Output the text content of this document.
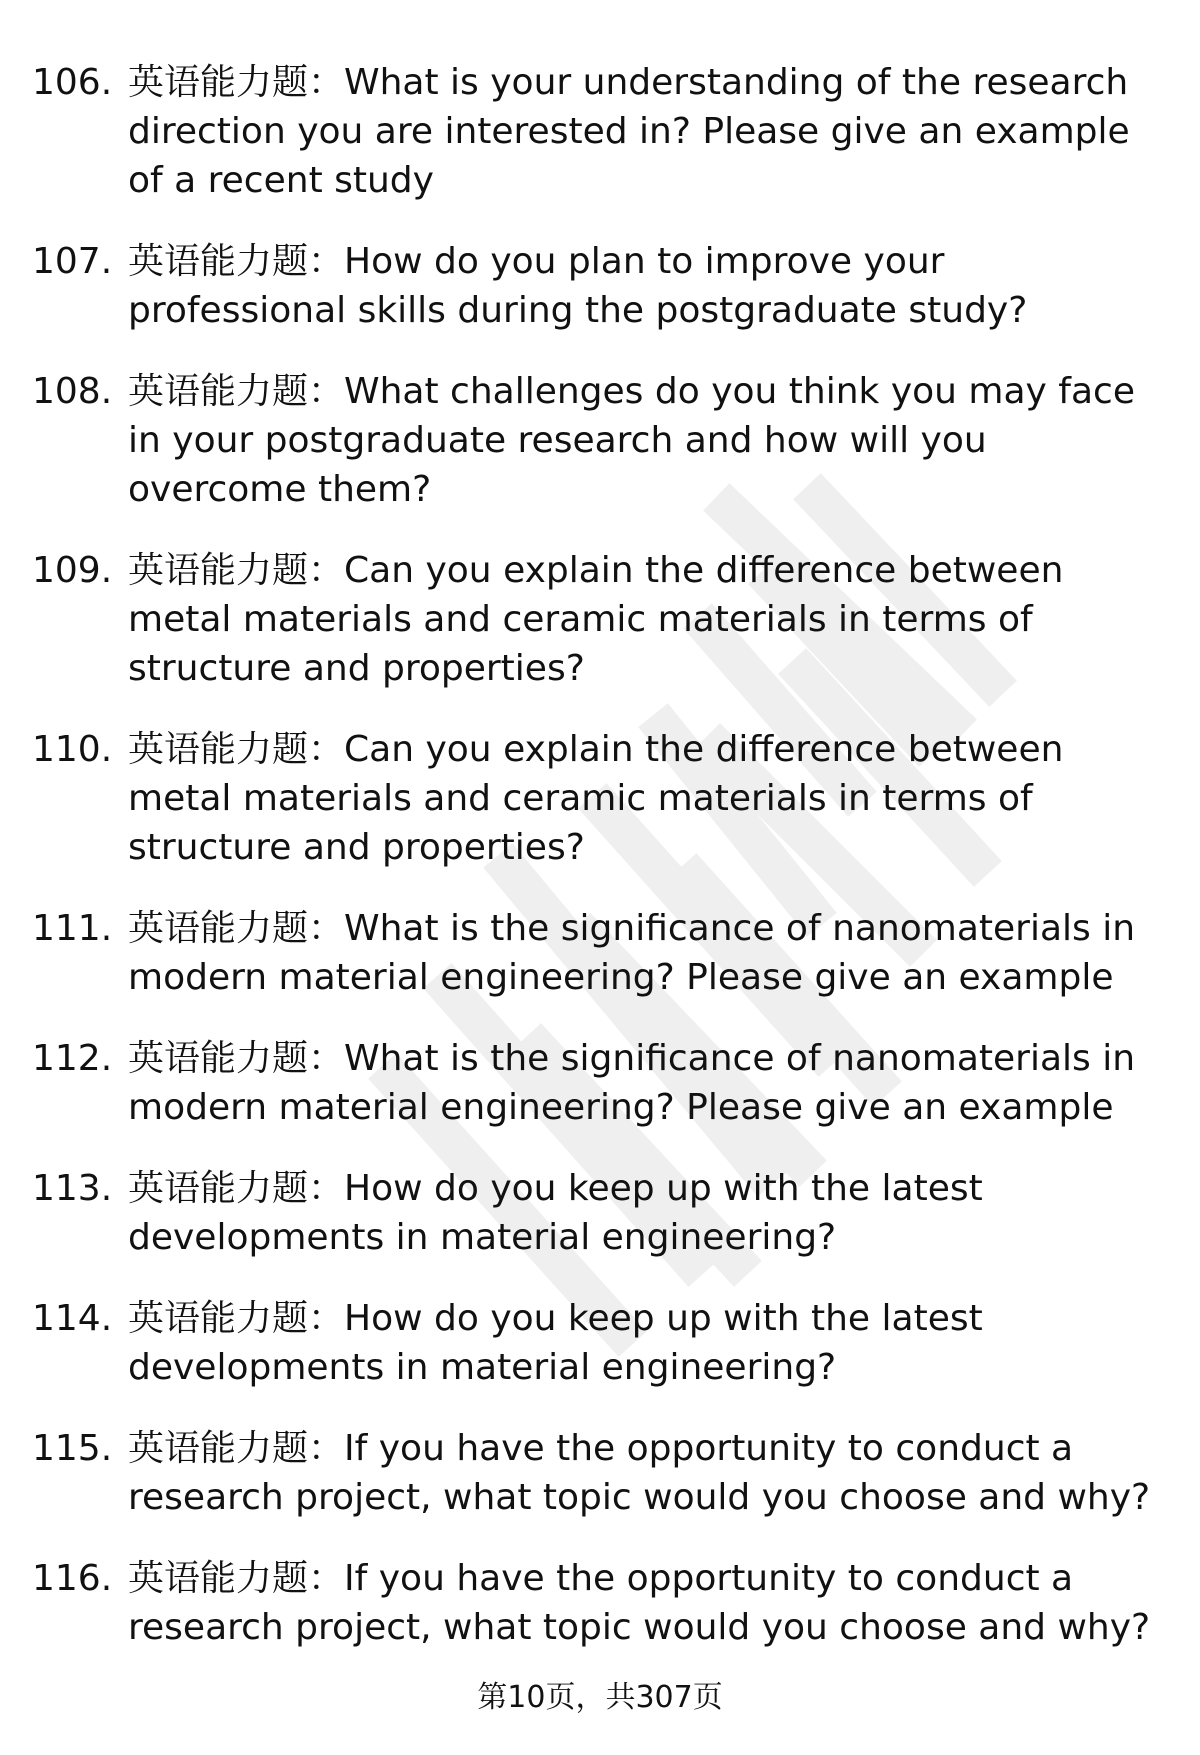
106. 英语能力题：What is your understanding of the research direction you are interested in? Please give an example of a recent study
107. 英语能力题：How do you plan to improve your professional skills during the postgraduate study?
108. 英语能力题：What challenges do you think you may face in your postgraduate research and how will you overcome them?
109. 英语能力题：Can you explain the difference between metal materials and ceramic materials in terms of structure and properties?
110. 英语能力题：Can you explain the difference between metal materials and ceramic materials in terms of structure and properties?
111. 英语能力题：What is the significance of nanomaterials in modern material engineering? Please give an example
112. 英语能力题：What is the significance of nanomaterials in modern material engineering? Please give an example
113. 英语能力题：How do you keep up with the latest developments in material engineering?
114. 英语能力题：How do you keep up with the latest developments in material engineering?
115. 英语能力题：If you have the opportunity to conduct a research project, what topic would you choose and why?
116. 英语能力题：If you have the opportunity to conduct a research project, what topic would you choose and why?
第10页，共307页
